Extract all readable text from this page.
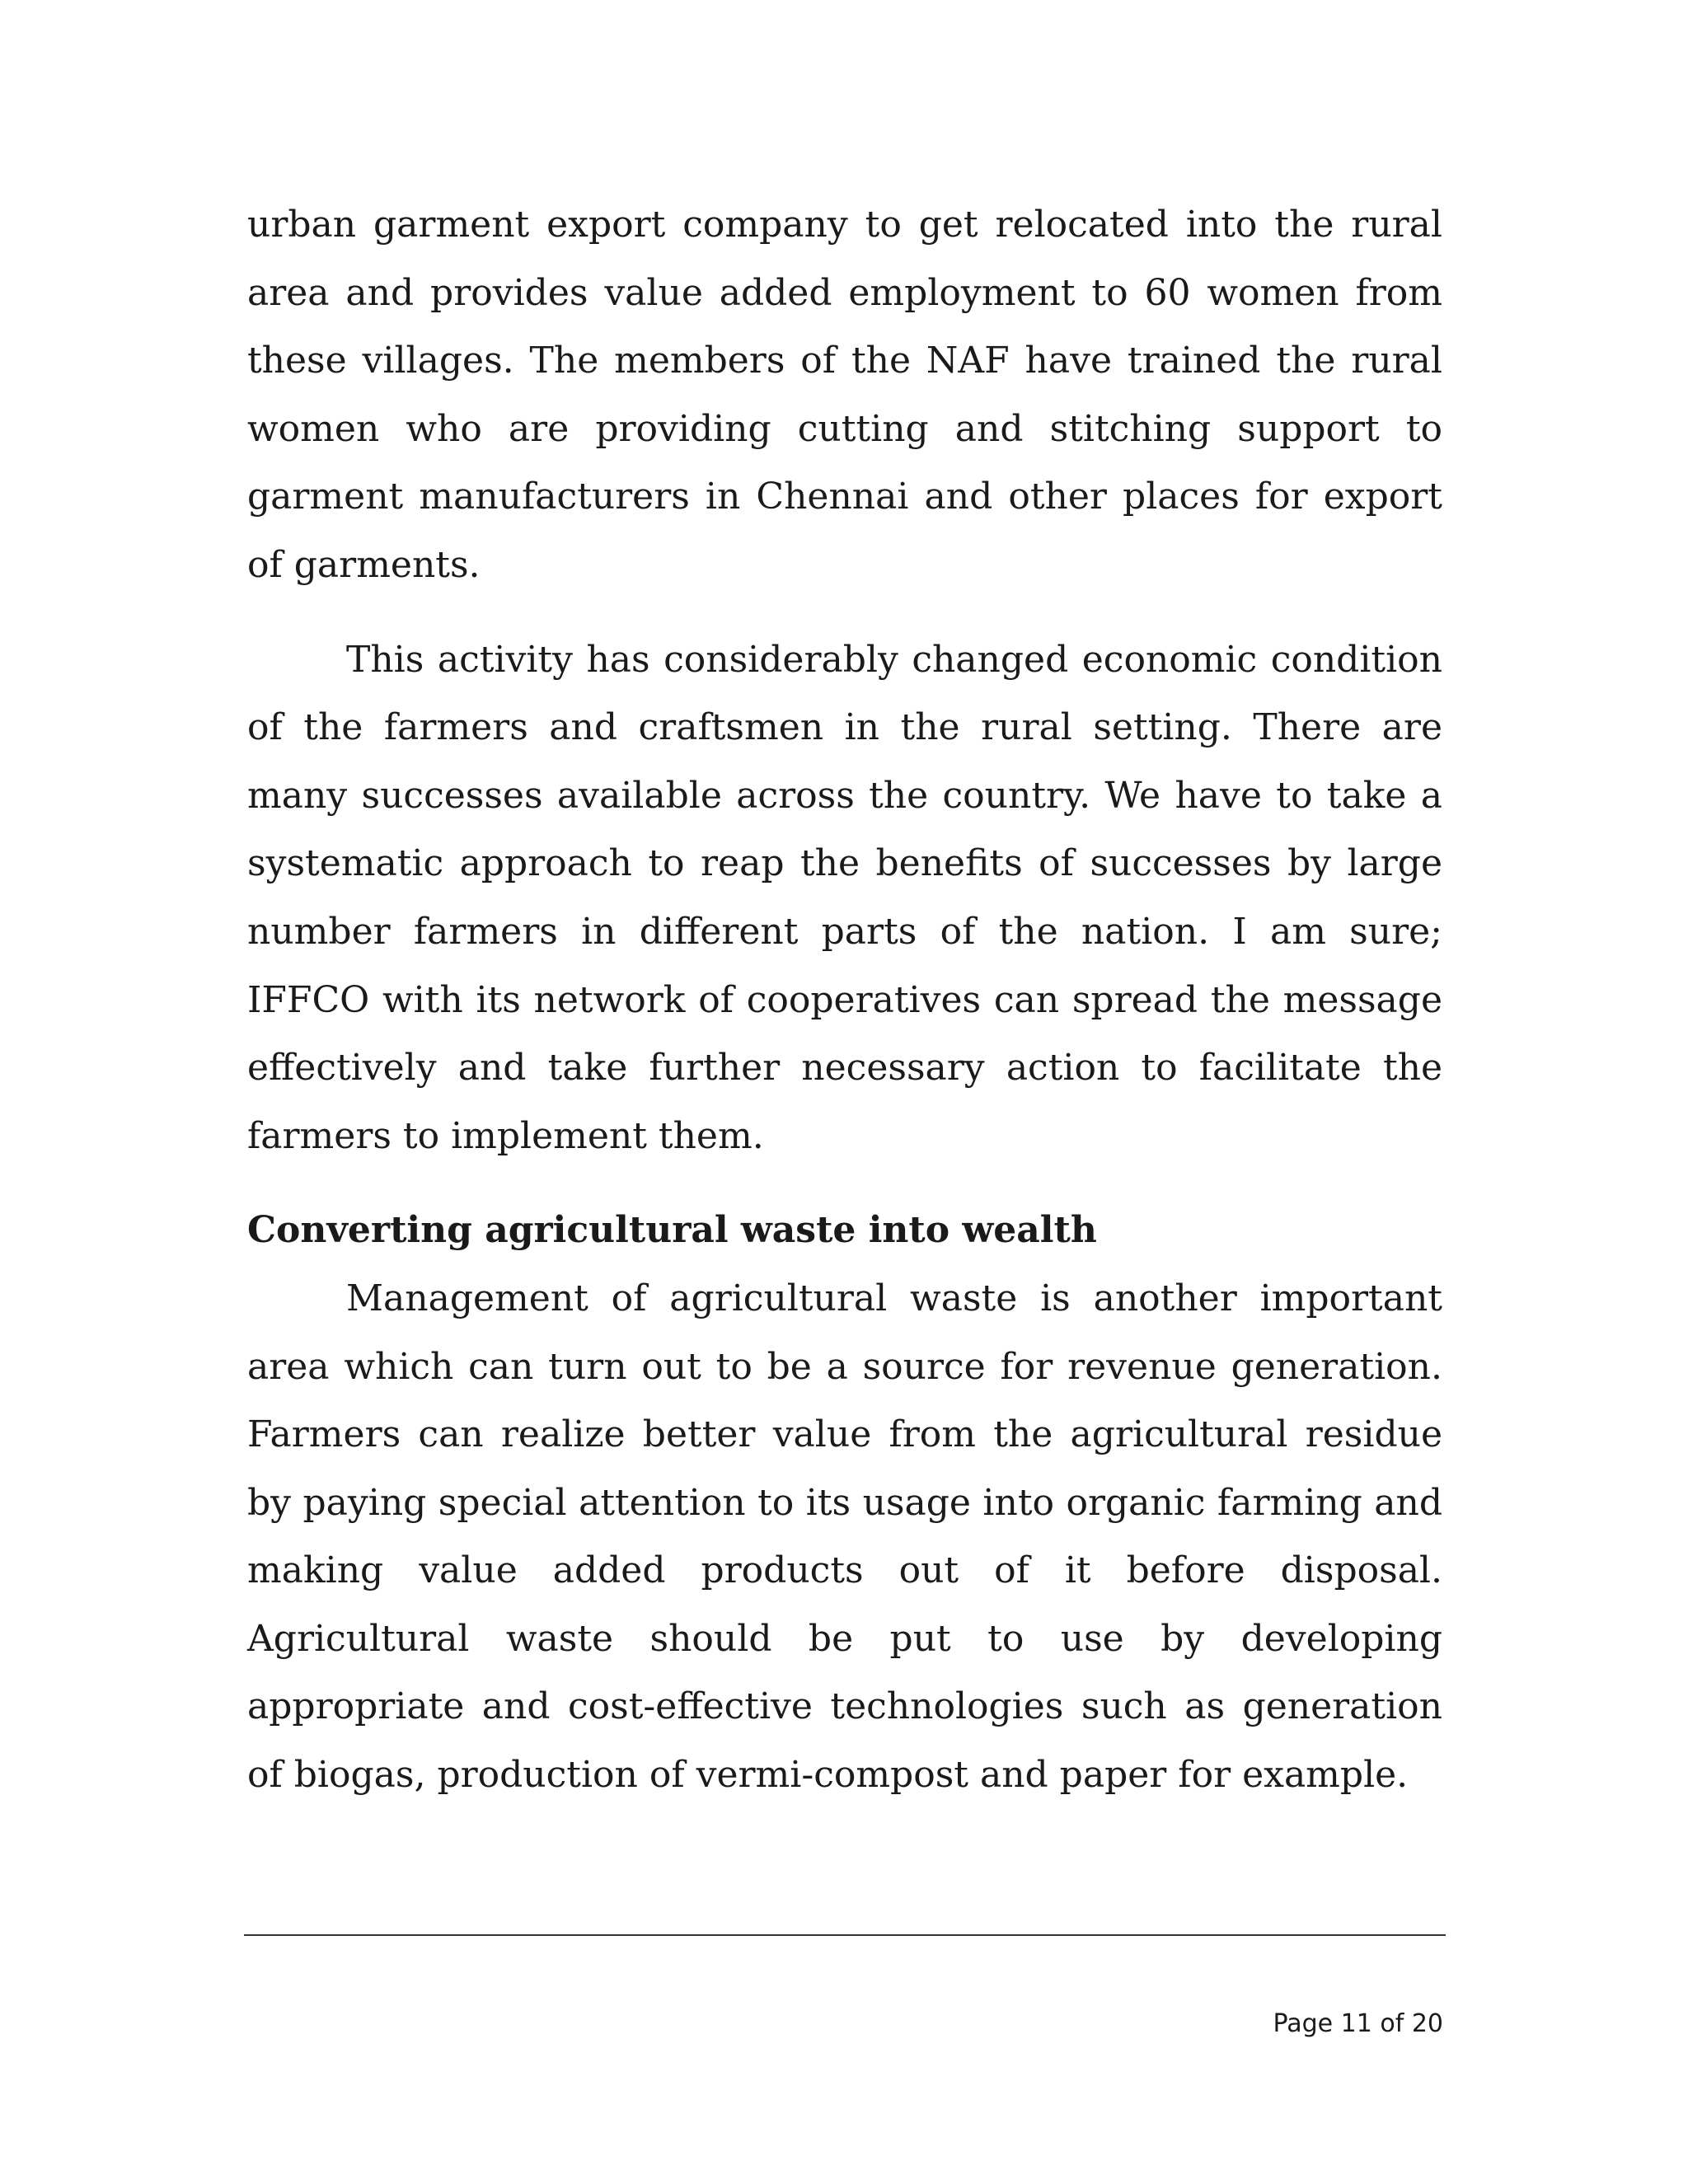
urban garment export company to get relocated into the rural area and provides value added employment to 60 women from these villages. The members of the NAF have trained the rural women who are providing cutting and stitching support to garment manufacturers in Chennai and other places for export of garments.

This activity has considerably changed economic condition of the farmers and craftsmen in the rural setting. There are many successes available across the country. We have to take a systematic approach to reap the benefits of successes by large number farmers in different parts of the nation. I am sure; IFFCO with its network of cooperatives can spread the message effectively and take further necessary action to facilitate the farmers to implement them.

Converting agricultural waste into wealth

Management of agricultural waste is another important area which can turn out to be a source for revenue generation. Farmers can realize better value from the agricultural residue by paying special attention to its usage into organic farming and making value added products out of it before disposal. Agricultural waste should be put to use by developing appropriate and cost-effective technologies such as generation of biogas, production of vermi-compost and paper for example.

Page 11 of 20
